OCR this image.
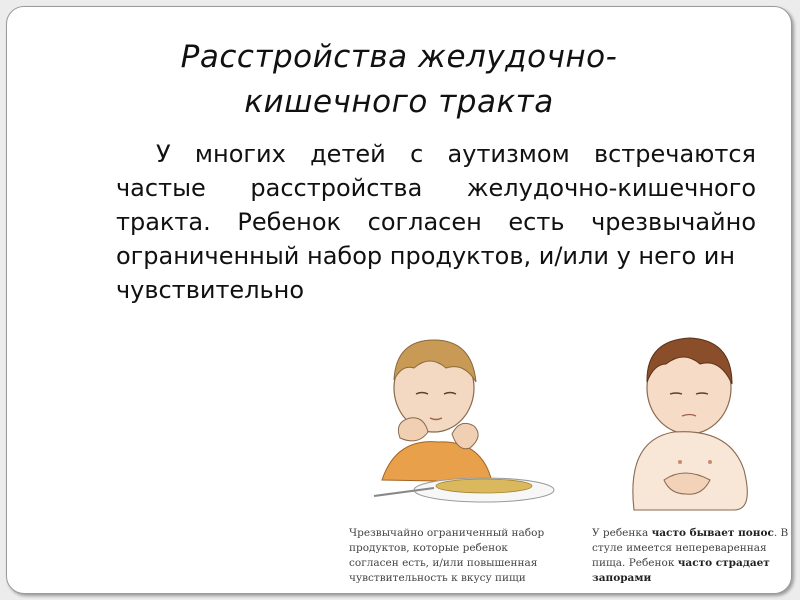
Расстройства желудочно-
кишечного тракта

У многих детей с аутизмом встречаются частые расстройства желудочно-кишечного тракта. Ребенок согласен есть чрезвычайно ограниченный набор продуктов, и/или у него ин
чувствительно

Чрезвычайно ограниченный набор продуктов, которые ребенок согласен есть, и/или повышенная чувствительность к вкусу пищи

У ребенка часто бывает понос. В стуле имеется непереваренная пища. Ребенок часто страдает запорами
